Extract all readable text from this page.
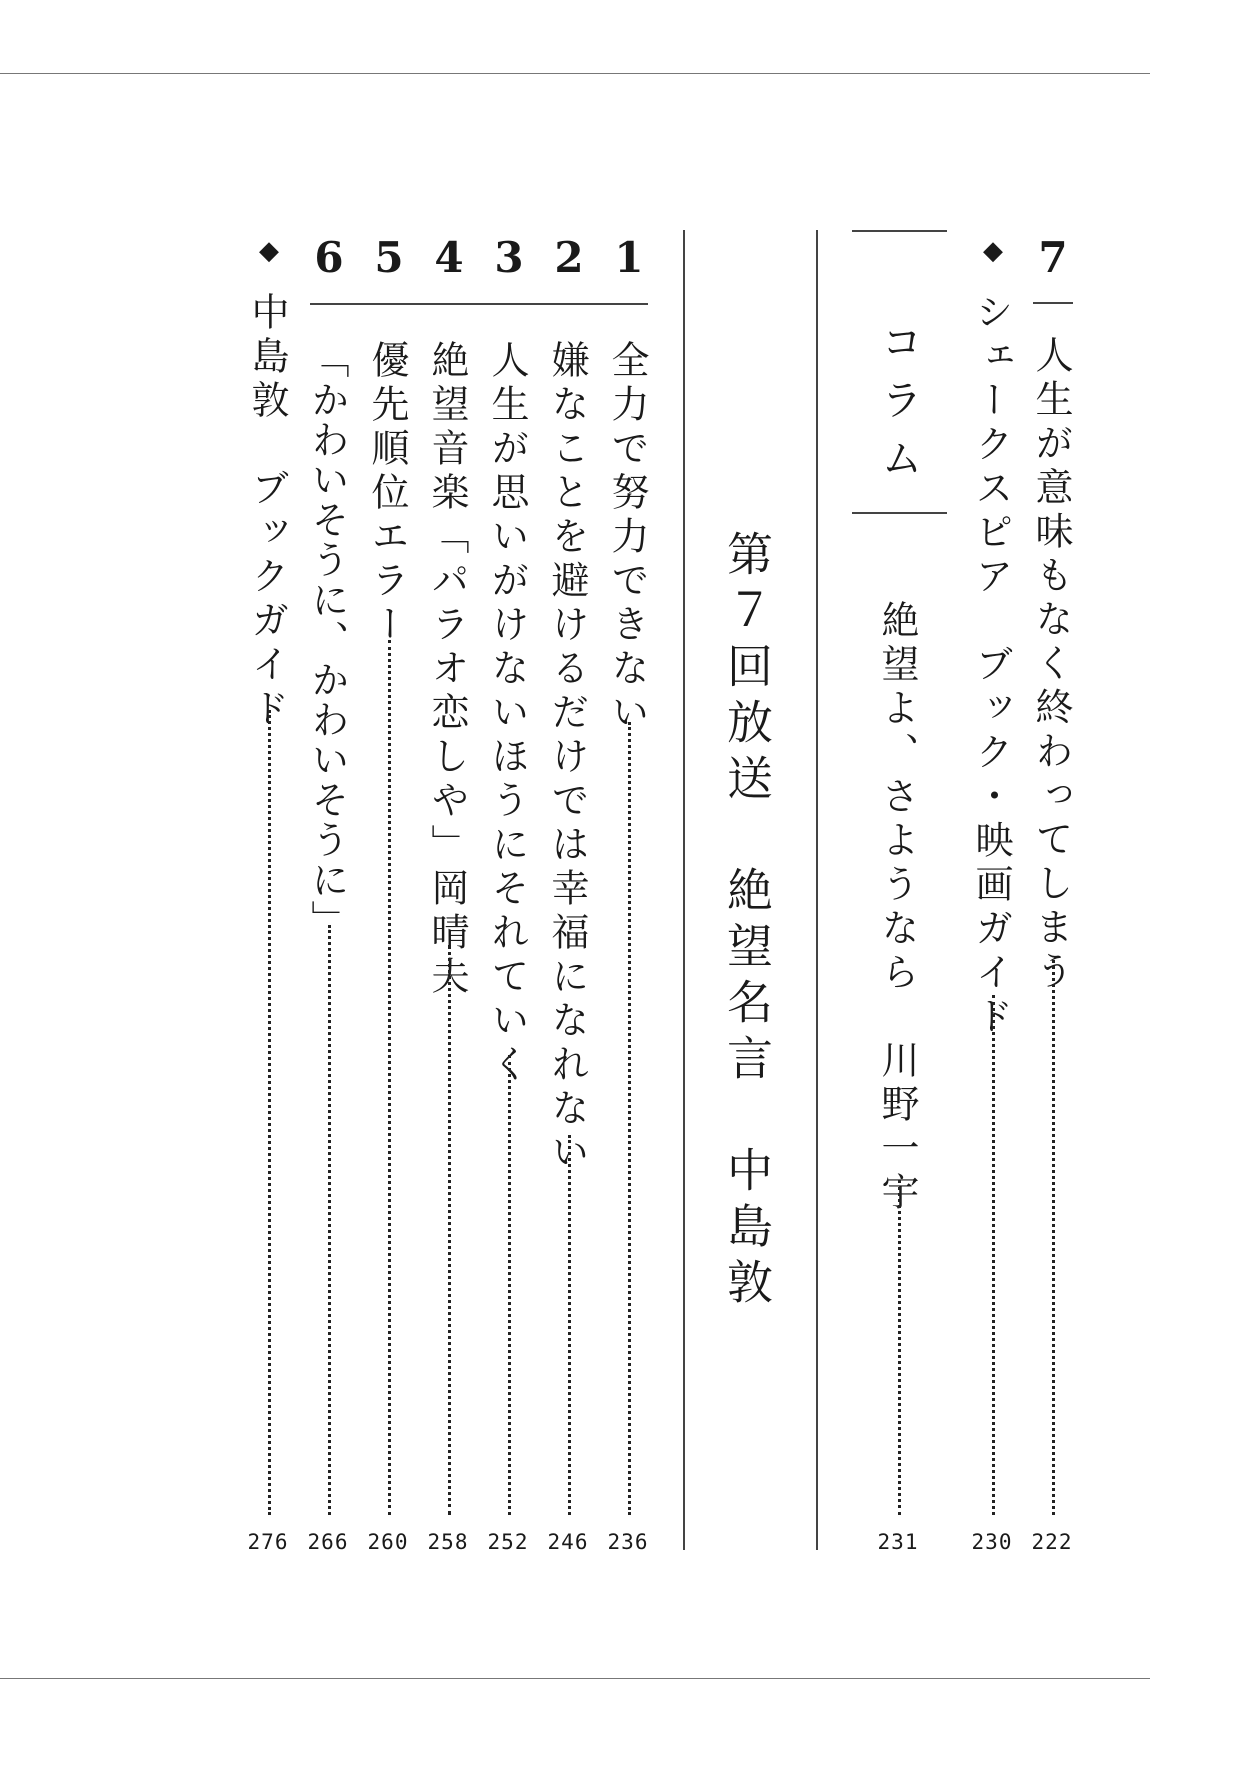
7
人生が意味もなく終わってしまう
222
◆
シェークスピア　ブック・映画ガイド
230
コラム
絶望よ、さようなら　川野一宇
231
第７回放送　絶望名言　中島敦
1
全力で努力できない
236
2
嫌なことを避けるだけでは幸福になれない
246
3
人生が思いがけないほうにそれていく
252
4
絶望音楽「パラオ恋しや」岡晴夫
258
5
優先順位エラー
260
6
「かわいそうに、かわいそうに」
266
◆
中島敦　ブックガイド
276
